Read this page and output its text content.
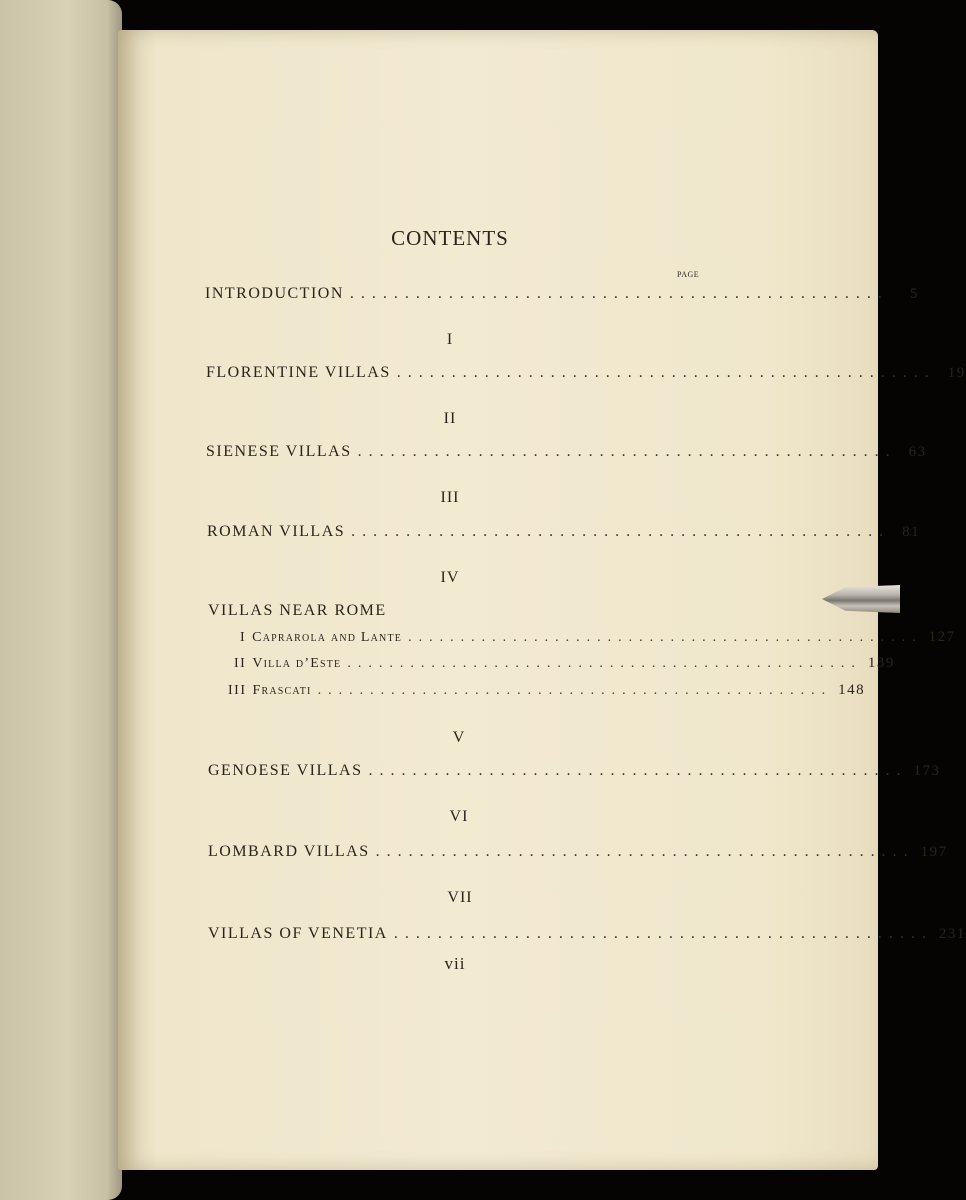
CONTENTS
PAGE
INTRODUCTION .................................................	5
I
FLORENTINE VILLAS ................................................. 19
II
SIENESE VILLAS ................................................. 63
III
ROMAN VILLAS ................................................. 81
IV
VILLAS NEAR ROME
I Caprarola and Lante ................................................. 127
II Villa d’Este ................................................. 139
III Frascati ................................................. 148
V
GENOESE VILLAS ................................................. 173
VI
LOMBARD VILLAS ................................................. 197
VII
VILLAS OF VENETIA ................................................. 231
vii
